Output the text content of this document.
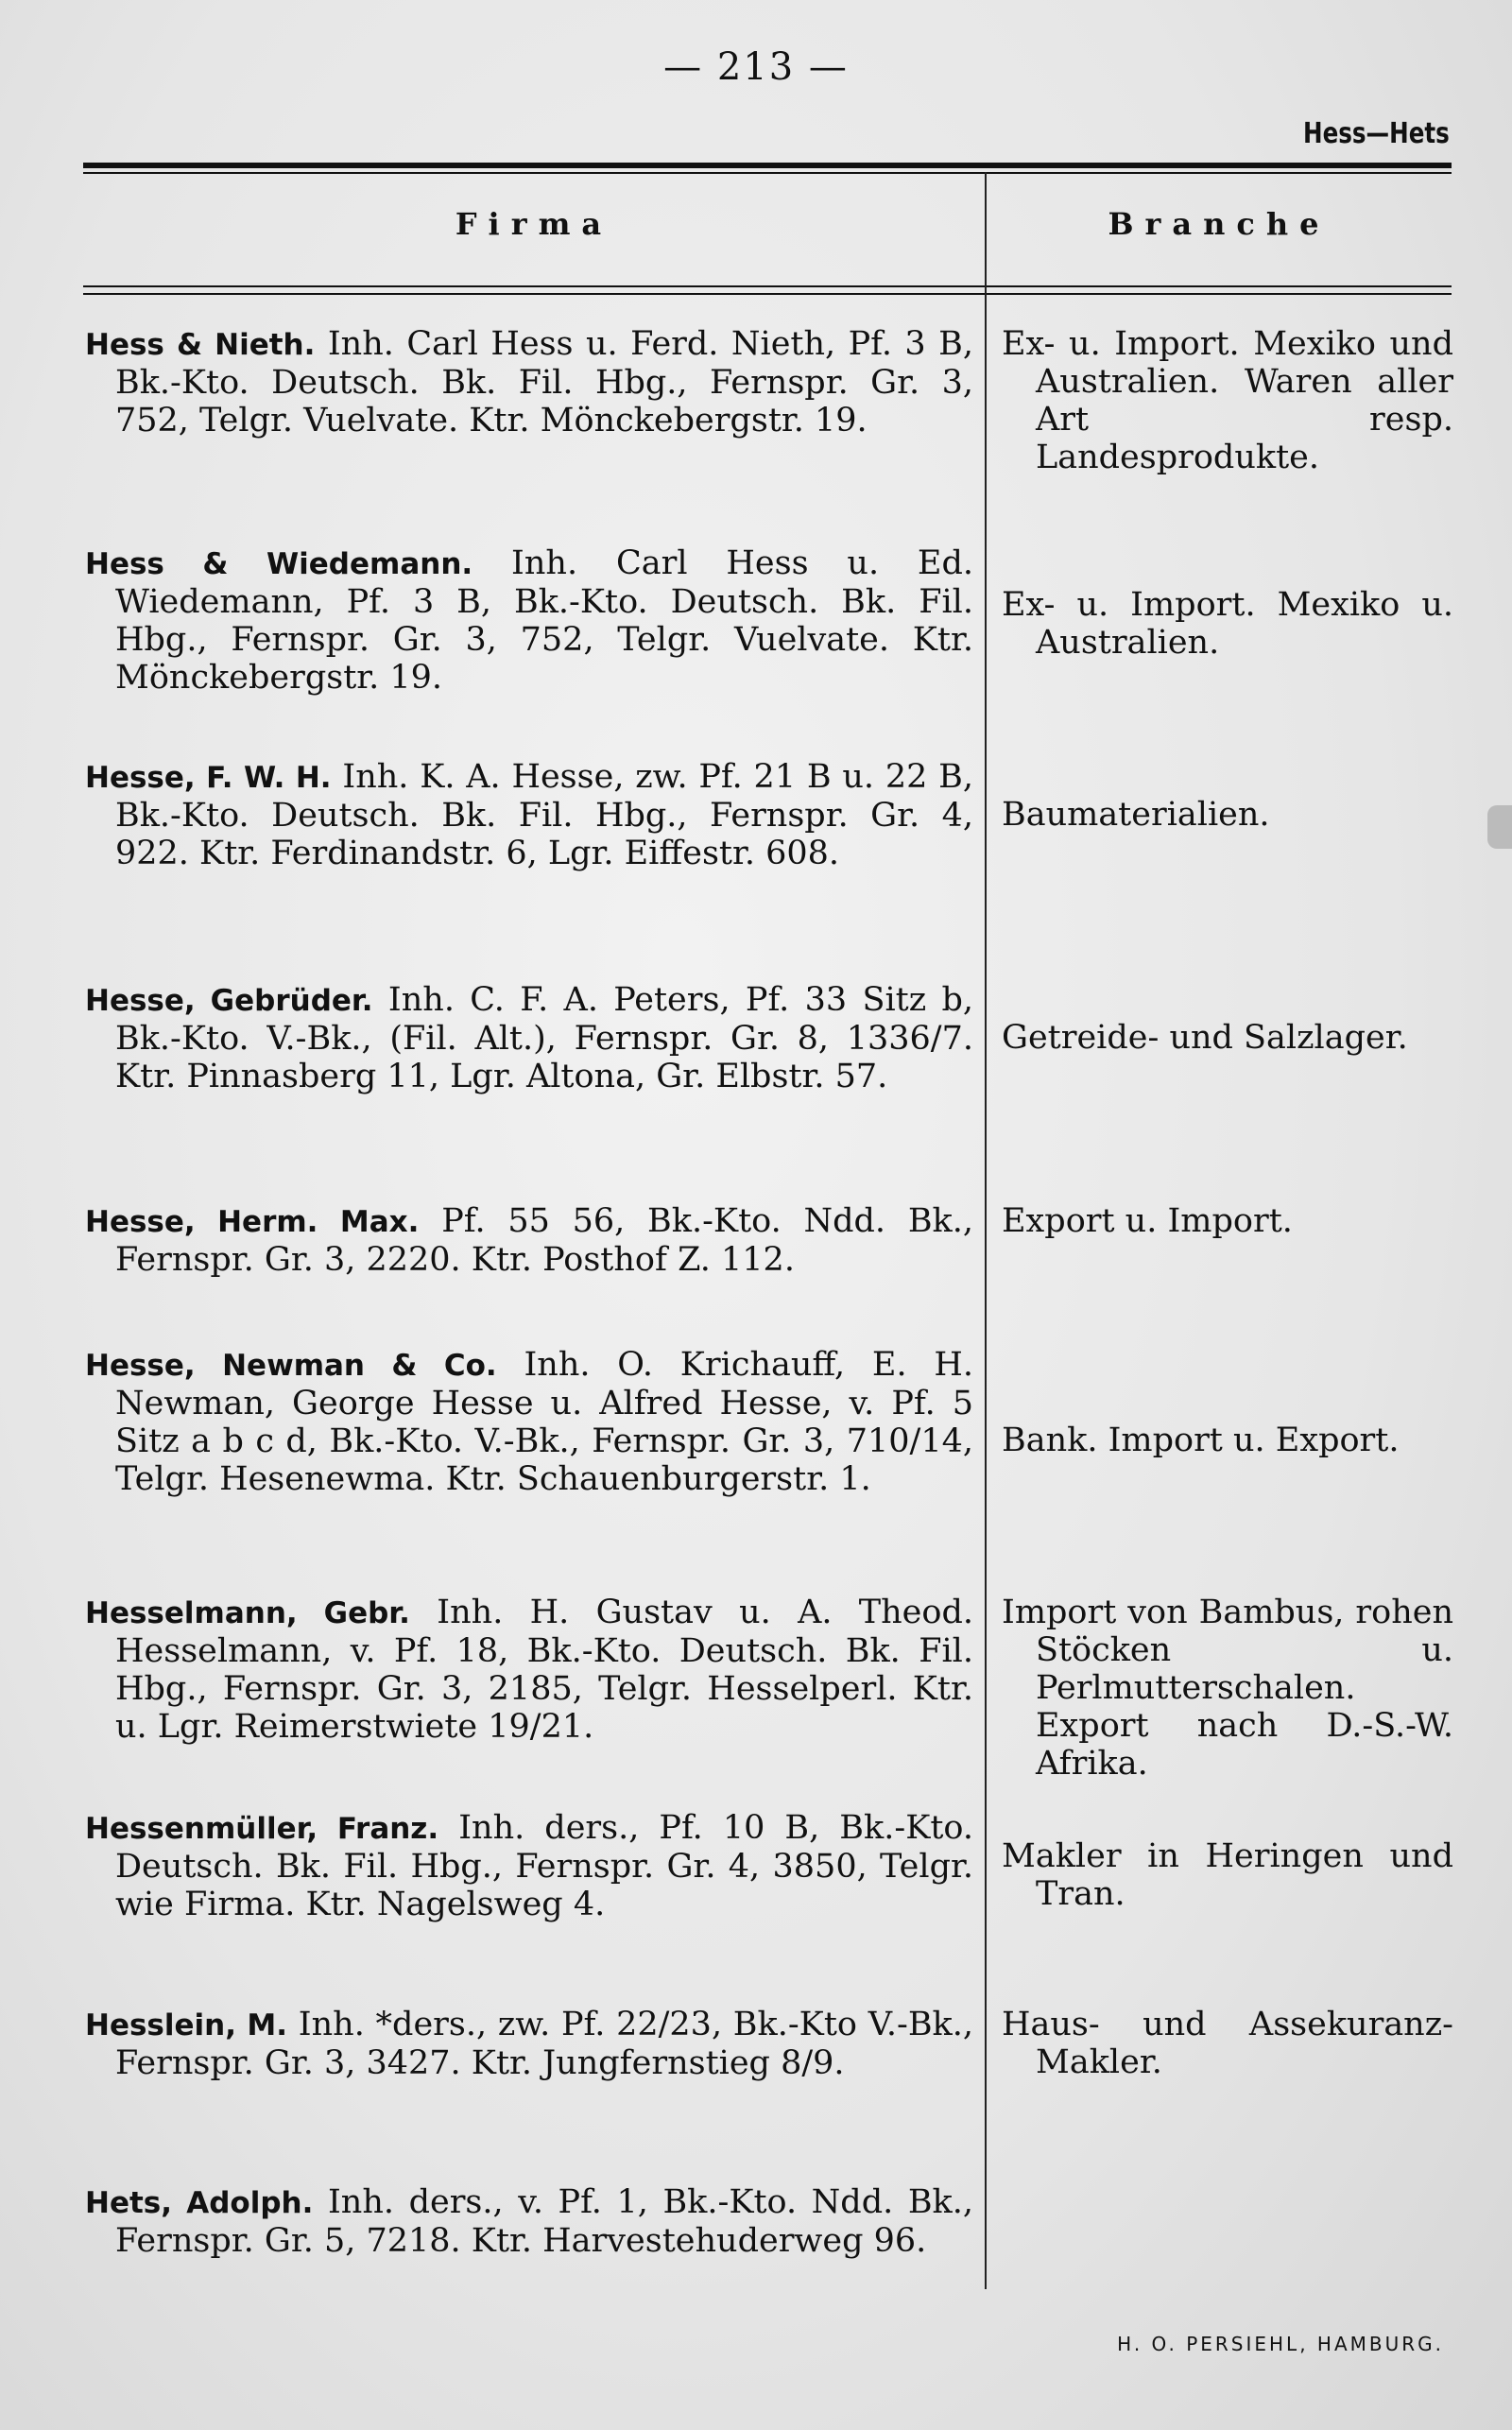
— 213 —
Hess—Hets
Firma	Branche
Hess & Nieth. Inh. Carl Hess u. Ferd. Nieth, Pf. 3 B, Bk.-Kto. Deutsch. Bk. Fil. Hbg., Fernspr. Gr. 3, 752, Telgr. Vuelvate. Ktr. Mönckebergstr. 19.
Ex- u. Import. Mexiko und Australien. Waren aller Art resp. Landesprodukte.
Hess & Wiedemann. Inh. Carl Hess u. Ed. Wiedemann, Pf. 3 B, Bk.-Kto. Deutsch. Bk. Fil. Hbg., Fernspr. Gr. 3, 752, Telgr. Vuelvate. Ktr. Mönckebergstr. 19.
Ex- u. Import. Mexiko u. Australien.
Hesse, F. W. H. Inh. K. A. Hesse, zw. Pf. 21 B u. 22 B, Bk.-Kto. Deutsch. Bk. Fil. Hbg., Fernspr. Gr. 4, 922. Ktr. Ferdinandstr. 6, Lgr. Eiffestr. 608.
Baumaterialien.
Hesse, Gebrüder. Inh. C. F. A. Peters, Pf. 33 Sitz b, Bk.-Kto. V.-Bk., (Fil. Alt.), Fernspr. Gr. 8, 1336/7. Ktr. Pinnasberg 11, Lgr. Altona, Gr. Elbstr. 57.
Getreide- und Salzlager.
Hesse, Herm. Max. Pf. 55 56, Bk.-Kto. Ndd. Bk., Fernspr. Gr. 3, 2220. Ktr. Posthof Z. 112.
Export u. Import.
Hesse, Newman & Co. Inh. O. Krichauff, E. H. Newman, George Hesse u. Alfred Hesse, v. Pf. 5 Sitz a b c d, Bk.-Kto. V.-Bk., Fernspr. Gr. 3, 710/14, Telgr. Hesenewma. Ktr. Schauenburgerstr. 1.
Bank. Import u. Export.
Hesselmann, Gebr. Inh. H. Gustav u. A. Theod. Hesselmann, v. Pf. 18, Bk.-Kto. Deutsch. Bk. Fil. Hbg., Fernspr. Gr. 3, 2185, Telgr. Hesselperl. Ktr. u. Lgr. Reimerstwiete 19/21.
Import von Bambus, rohen Stöcken u. Perlmutterschalen. Export nach D.-S.-W. Afrika.
Hessenmüller, Franz. Inh. ders., Pf. 10 B, Bk.-Kto. Deutsch. Bk. Fil. Hbg., Fernspr. Gr. 4, 3850, Telgr. wie Firma. Ktr. Nagelsweg 4.
Makler in Heringen und Tran.
Hesslein, M. Inh. *ders., zw. Pf. 22/23, Bk.-Kto V.-Bk., Fernspr. Gr. 3, 3427. Ktr. Jungfernstieg 8/9.
Haus- und Assekuranz-Makler.
Hets, Adolph. Inh. ders., v. Pf. 1, Bk.-Kto. Ndd. Bk., Fernspr. Gr. 5, 7218. Ktr. Harvestehuderweg 96.
H. O. PERSIEHL, HAMBURG.
